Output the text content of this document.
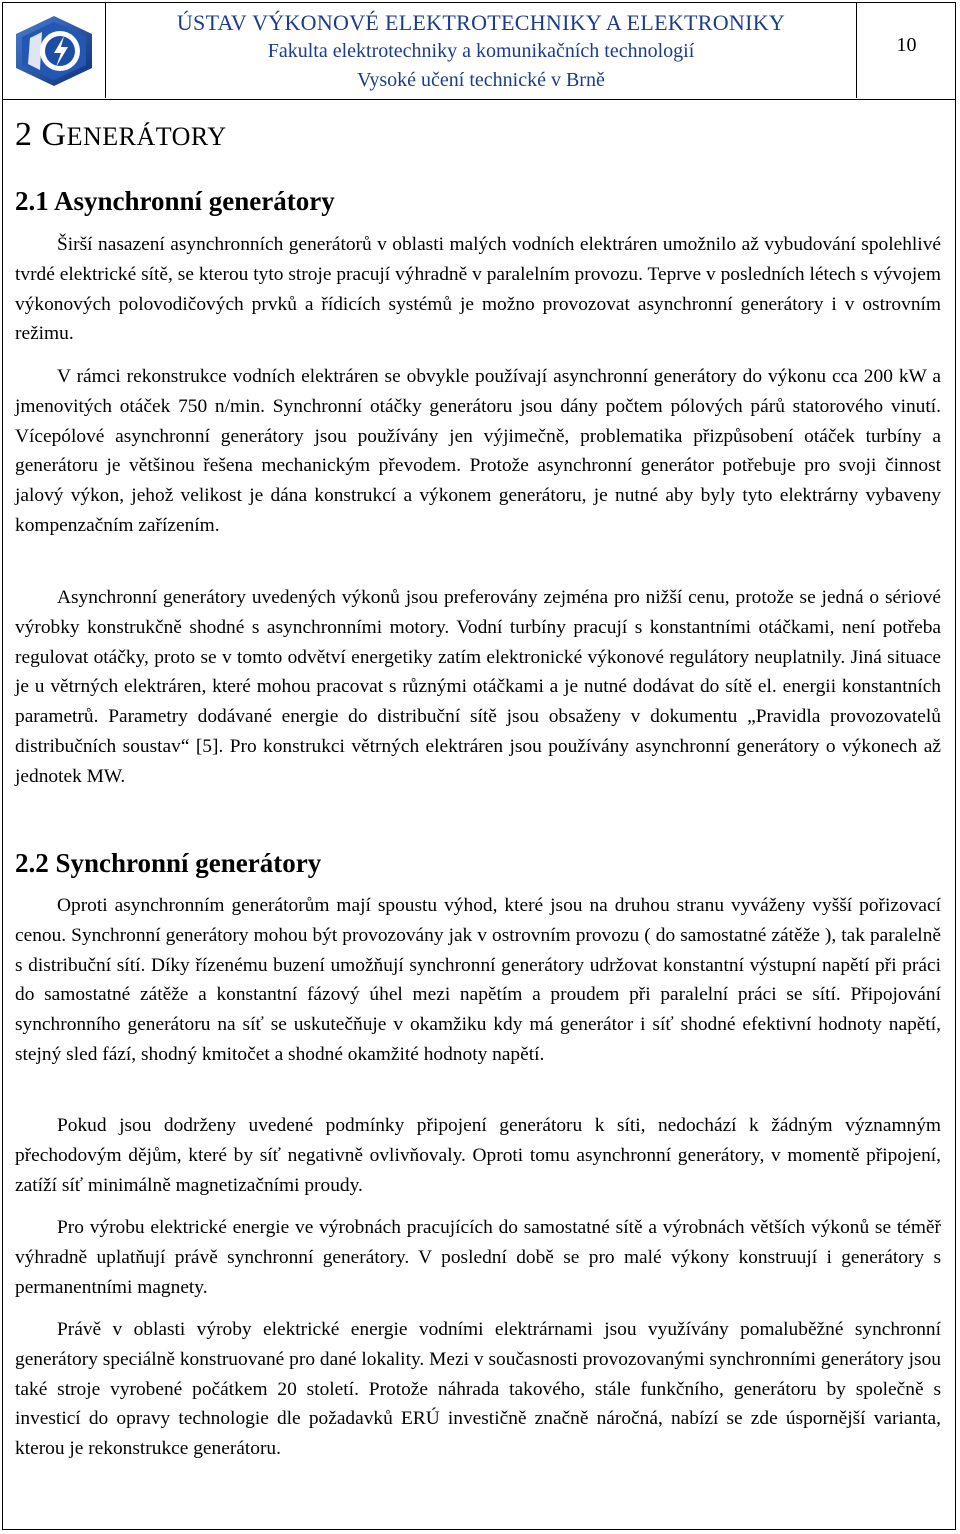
ÚSTAV VÝKONOVÉ ELEKTROTECHNIKY A ELEKTRONIKY
Fakulta elektrotechniky a komunikačních technologií
Vysoké učení technické v Brně
10
2 GENERÁTORY
2.1 Asynchronní generátory

Širší nasazení asynchronních generátorů v oblasti malých vodních elektráren umožnilo až vybudování spolehlivé tvrdé elektrické sítě, se kterou tyto stroje pracují výhradně v paralelním provozu. Teprve v posledních létech s vývojem výkonových polovodičových prvků a řídicích systémů je možno provozovat asynchronní generátory i v ostrovním režimu.

V rámci rekonstrukce vodních elektráren se obvykle používají asynchronní generátory do výkonu cca 200 kW a jmenovitých otáček 750 n/min. Synchronní otáčky generátoru jsou dány počtem pólových párů statorového vinutí. Vícepólové asynchronní generátory jsou používány jen výjimečně, problematika přizpůsobení otáček turbíny a generátoru je většinou řešena mechanickým převodem. Protože asynchronní generátor potřebuje pro svoji činnost jalový výkon, jehož velikost je dána konstrukcí a výkonem generátoru, je nutné aby byly tyto elektrárny vybaveny kompenzačním zařízením.

Asynchronní generátory uvedených výkonů jsou preferovány zejména pro nižší cenu, protože se jedná o sériové výrobky konstrukčně shodné s asynchronními motory. Vodní turbíny pracují s konstantními otáčkami, není potřeba regulovat otáčky, proto se v tomto odvětví energetiky zatím elektronické výkonové regulátory neuplatnily. Jiná situace je u větrných elektráren, které mohou pracovat s různými otáčkami a je nutné dodávat do sítě el. energii konstantních parametrů. Parametry dodávané energie do distribuční sítě jsou obsaženy v dokumentu „Pravidla provozovatelů distribučních soustav“ [5]. Pro konstrukci větrných elektráren jsou používány asynchronní generátory o výkonech až jednotek MW.

2.2 Synchronní generátory

Oproti asynchronním generátorům mají spoustu výhod, které jsou na druhou stranu vyváženy vyšší pořizovací cenou. Synchronní generátory mohou být provozovány jak v ostrovním provozu ( do samostatné zátěže ), tak paralelně s distribuční sítí. Díky řízenému buzení umožňují synchronní generátory udržovat konstantní výstupní napětí při práci do samostatné zátěže a konstantní fázový úhel mezi napětím a proudem při paralelní práci se sítí. Připojování synchronního generátoru na síť se uskutečňuje v okamžiku kdy má generátor i síť shodné efektivní hodnoty napětí, stejný sled fází, shodný kmitočet a shodné okamžité hodnoty napětí.

Pokud jsou dodrženy uvedené podmínky připojení generátoru k síti, nedochází k žádným významným přechodovým dějům, které by síť negativně ovlivňovaly. Oproti tomu asynchronní generátory, v momentě připojení, zatíží síť minimálně magnetizačními proudy.

Pro výrobu elektrické energie ve výrobnách pracujících do samostatné sítě a výrobnách větších výkonů se téměř výhradně uplatňují právě synchronní generátory. V poslední době se pro malé výkony konstruují i generátory s permanentními magnety.

Právě v oblasti výroby elektrické energie vodními elektrárnami jsou využívány pomaluběžné synchronní generátory speciálně konstruované pro dané lokality. Mezi v současnosti provozovanými synchronními generátory jsou také stroje vyrobené počátkem 20 století. Protože náhrada takového, stále funkčního, generátoru by společně s investicí do opravy technologie dle požadavků ERÚ investičně značně náročná, nabízí se zde úspornější varianta, kterou je rekonstrukce generátoru.
